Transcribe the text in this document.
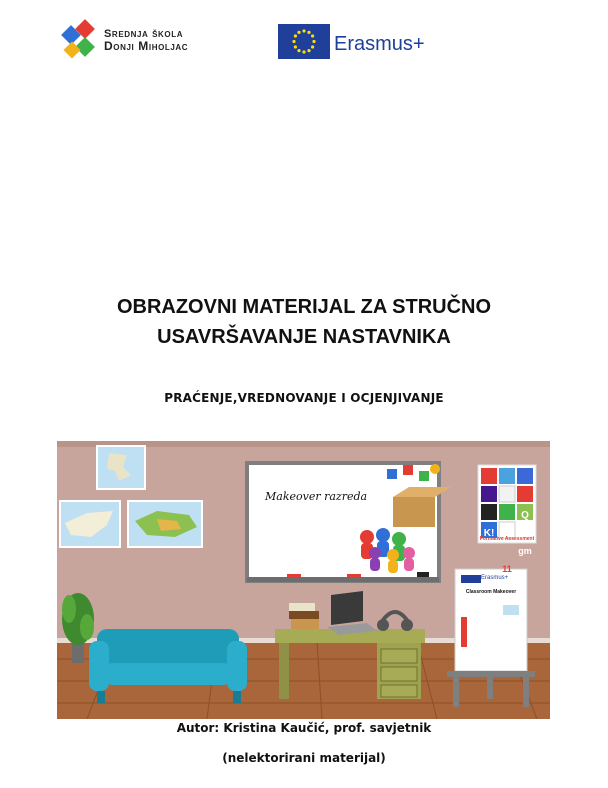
Srednja škola
Donji Miholjac	Erasmus+
OBRAZOVNI MATERIJAL ZA STRUČNO
USAVRŠAVANJE NASTAVNIKA
PRAĆENJE,VREDNOVANJE I OCJENJIVANJE
Makeover razreda
K!
Q
gm
11
Formative Assessment
Erasmus+
Classroom Makeover
Autor: Kristina Kaučić, prof. savjetnik
(nelektorirani materijal)
